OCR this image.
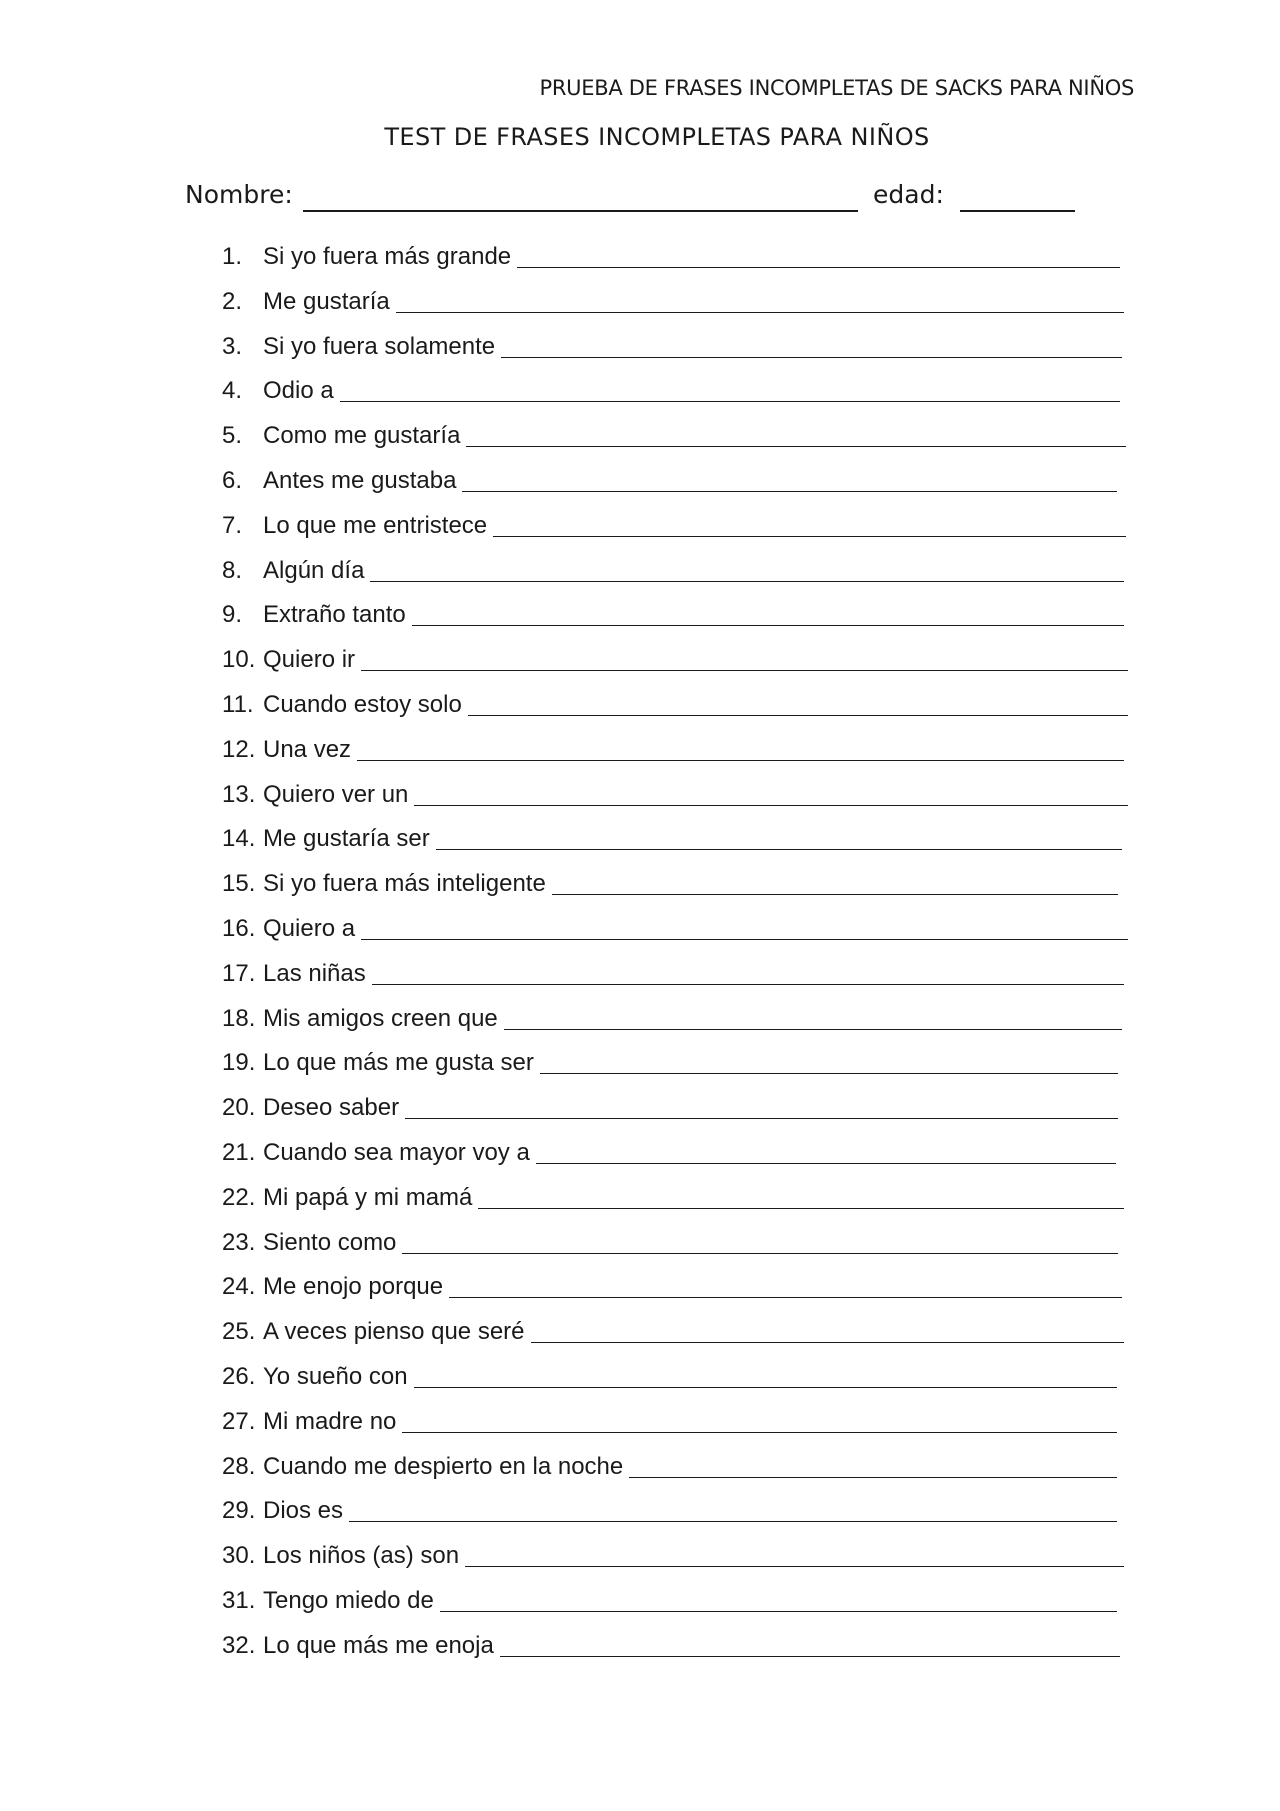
PRUEBA DE FRASES INCOMPLETAS DE SACKS PARA NIÑOS
TEST DE FRASES INCOMPLETAS PARA NIÑOS
Nombre:	edad:
1. Si yo fuera más grande
2. Me gustaría
3. Si yo fuera solamente
4. Odio a
5. Como me gustaría
6. Antes me gustaba
7. Lo que me entristece
8. Algún día
9. Extraño tanto
10. Quiero ir
11. Cuando estoy solo
12. Una vez
13. Quiero ver un
14. Me gustaría ser
15. Si yo fuera más inteligente
16. Quiero a
17. Las niñas
18. Mis amigos creen que
19. Lo que más me gusta ser
20. Deseo saber
21. Cuando sea mayor voy a
22. Mi papá y mi mamá
23. Siento como
24. Me enojo porque
25. A veces pienso que seré
26. Yo sueño con
27. Mi madre no
28. Cuando me despierto en la noche
29. Dios es
30. Los niños (as) son
31. Tengo miedo de
32. Lo que más me enoja
